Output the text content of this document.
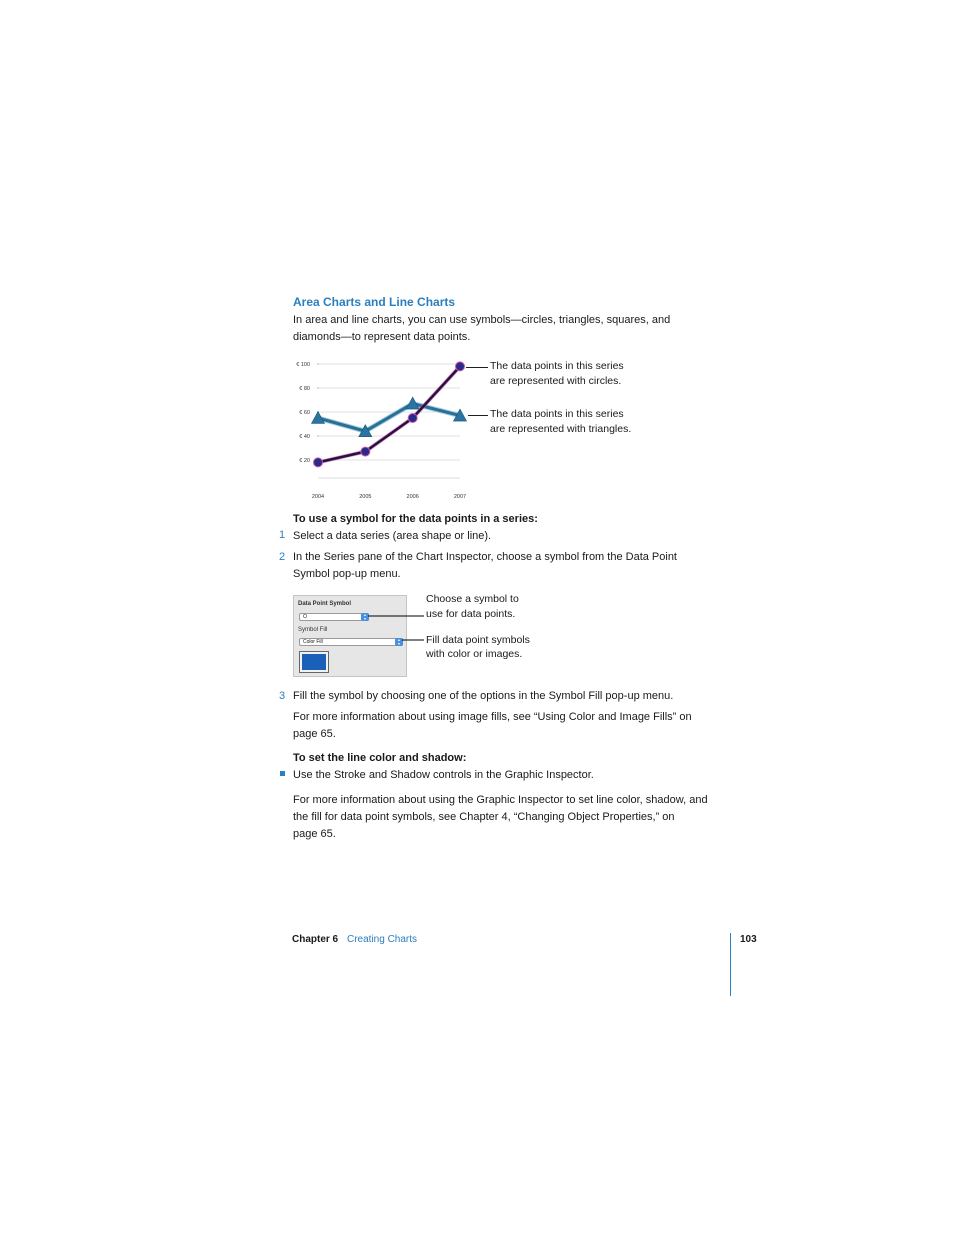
Area Charts and Line Charts
In area and line charts, you can use symbols—circles, triangles, squares, and
diamonds—to represent data points.
€ 100
€ 80
€ 60
€ 40
€ 20
2004	2005	2006	2007
The data points in this series
are represented with circles.
The data points in this series
are represented with triangles.
To use a symbol for the data points in a series:
1 Select a data series (area shape or line).
2 In the Series pane of the Chart Inspector, choose a symbol from the Data Point
Symbol pop-up menu.
Data Point Symbol
O	▴
▾
Symbol Fill
Color Fill	▴
▾
Choose a symbol to
use for data points.
Fill data point symbols
with color or images.
3 Fill the symbol by choosing one of the options in the Symbol Fill pop-up menu.
For more information about using image fills, see “Using Color and Image Fills” on
page 65.
To set the line color and shadow:
Use the Stroke and Shadow controls in the Graphic Inspector.
For more information about using the Graphic Inspector to set line color, shadow, and
the fill for data point symbols, see Chapter 4, “Changing Object Properties,” on
page 65.
Chapter 6 Creating Charts	103
